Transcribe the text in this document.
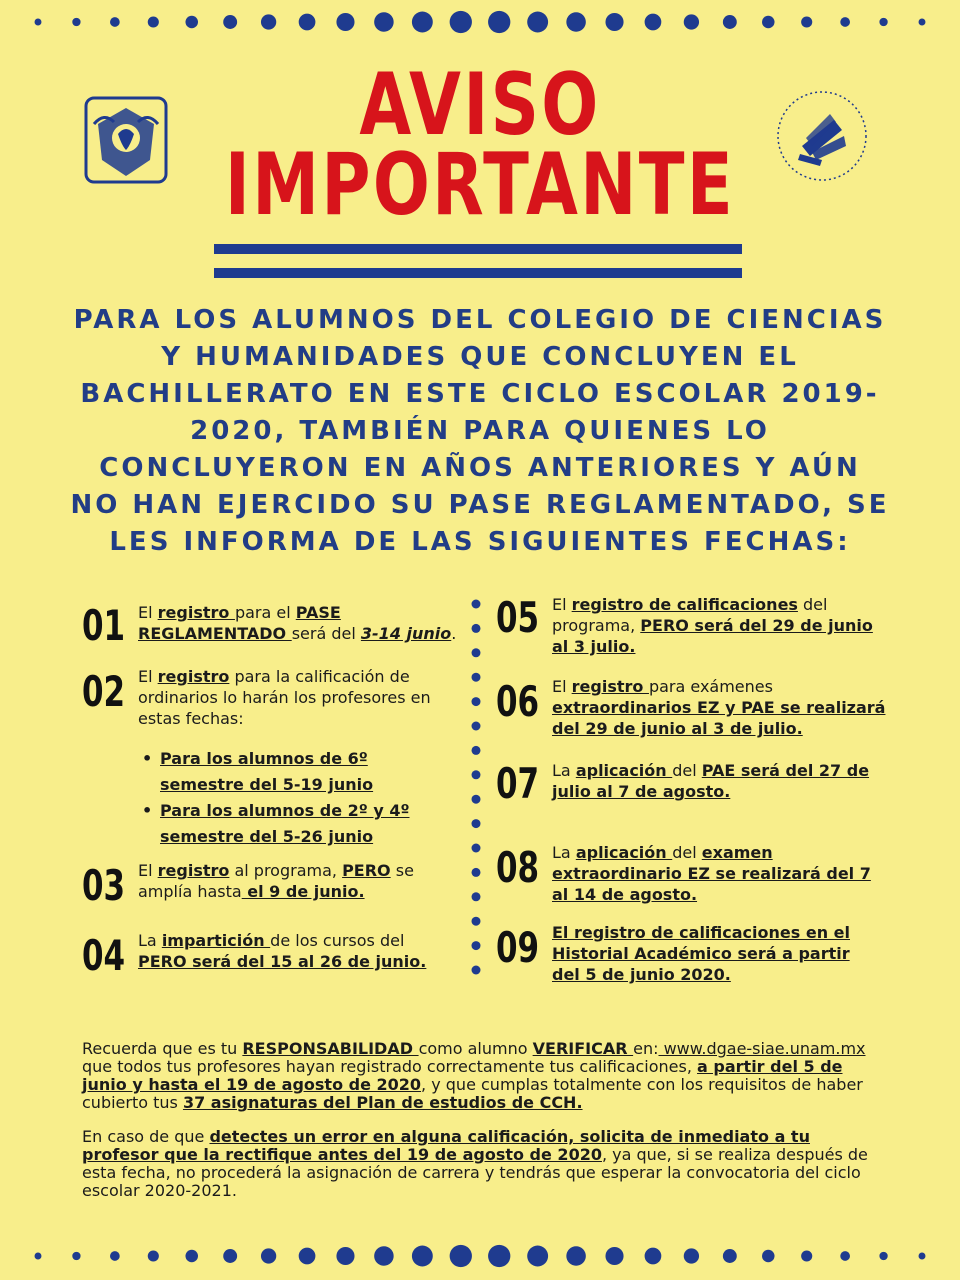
AVISO
IMPORTANTE
PARA LOS ALUMNOS DEL COLEGIO DE CIENCIAS Y HUMANIDADES QUE CONCLUYEN EL BACHILLERATO EN ESTE CICLO ESCOLAR 2019-2020, TAMBIÉN PARA QUIENES LO CONCLUYERON EN AÑOS ANTERIORES Y AÚN NO HAN EJERCIDO SU PASE REGLAMENTADO, SE LES INFORMA DE LAS SIGUIENTES FECHAS:
01 El registro para el PASE REGLAMENTADO será del 3-14 junio.
02 El registro para la calificación de ordinarios lo harán los profesores en estas fechas:
• Para los alumnos de 6º semestre del 5-19 junio
• Para los alumnos de 2º y 4º semestre del 5-26 junio
03 El registro al programa, PERO se amplía hasta el 9 de junio.
04 La impartición de los cursos del PERO será del 15 al 26 de junio.
05 El registro de calificaciones del programa, PERO será del 29 de junio al 3 julio.
06 El registro para exámenes extraordinarios EZ y PAE se realizará del 29 de junio al 3 de julio.
07 La aplicación del PAE será del 27 de julio al 7 de agosto.
08 La aplicación del examen extraordinario EZ se realizará del 7 al 14 de agosto.
09 El registro de calificaciones en el Historial Académico será a partir del 5 de junio 2020.
Recuerda que es tu RESPONSABILIDAD como alumno VERIFICAR en: www.dgae-siae.unam.mx que todos tus profesores hayan registrado correctamente tus calificaciones, a partir del 5 de junio y hasta el 19 de agosto de 2020, y que cumplas totalmente con los requisitos de haber cubierto tus 37 asignaturas del Plan de estudios de CCH.
En caso de que detectes un error en alguna calificación, solicita de inmediato a tu profesor que la rectifique antes del 19 de agosto de 2020, ya que, si se realiza después de esta fecha, no procederá la asignación de carrera y tendrás que esperar la convocatoria del ciclo escolar 2020-2021.
